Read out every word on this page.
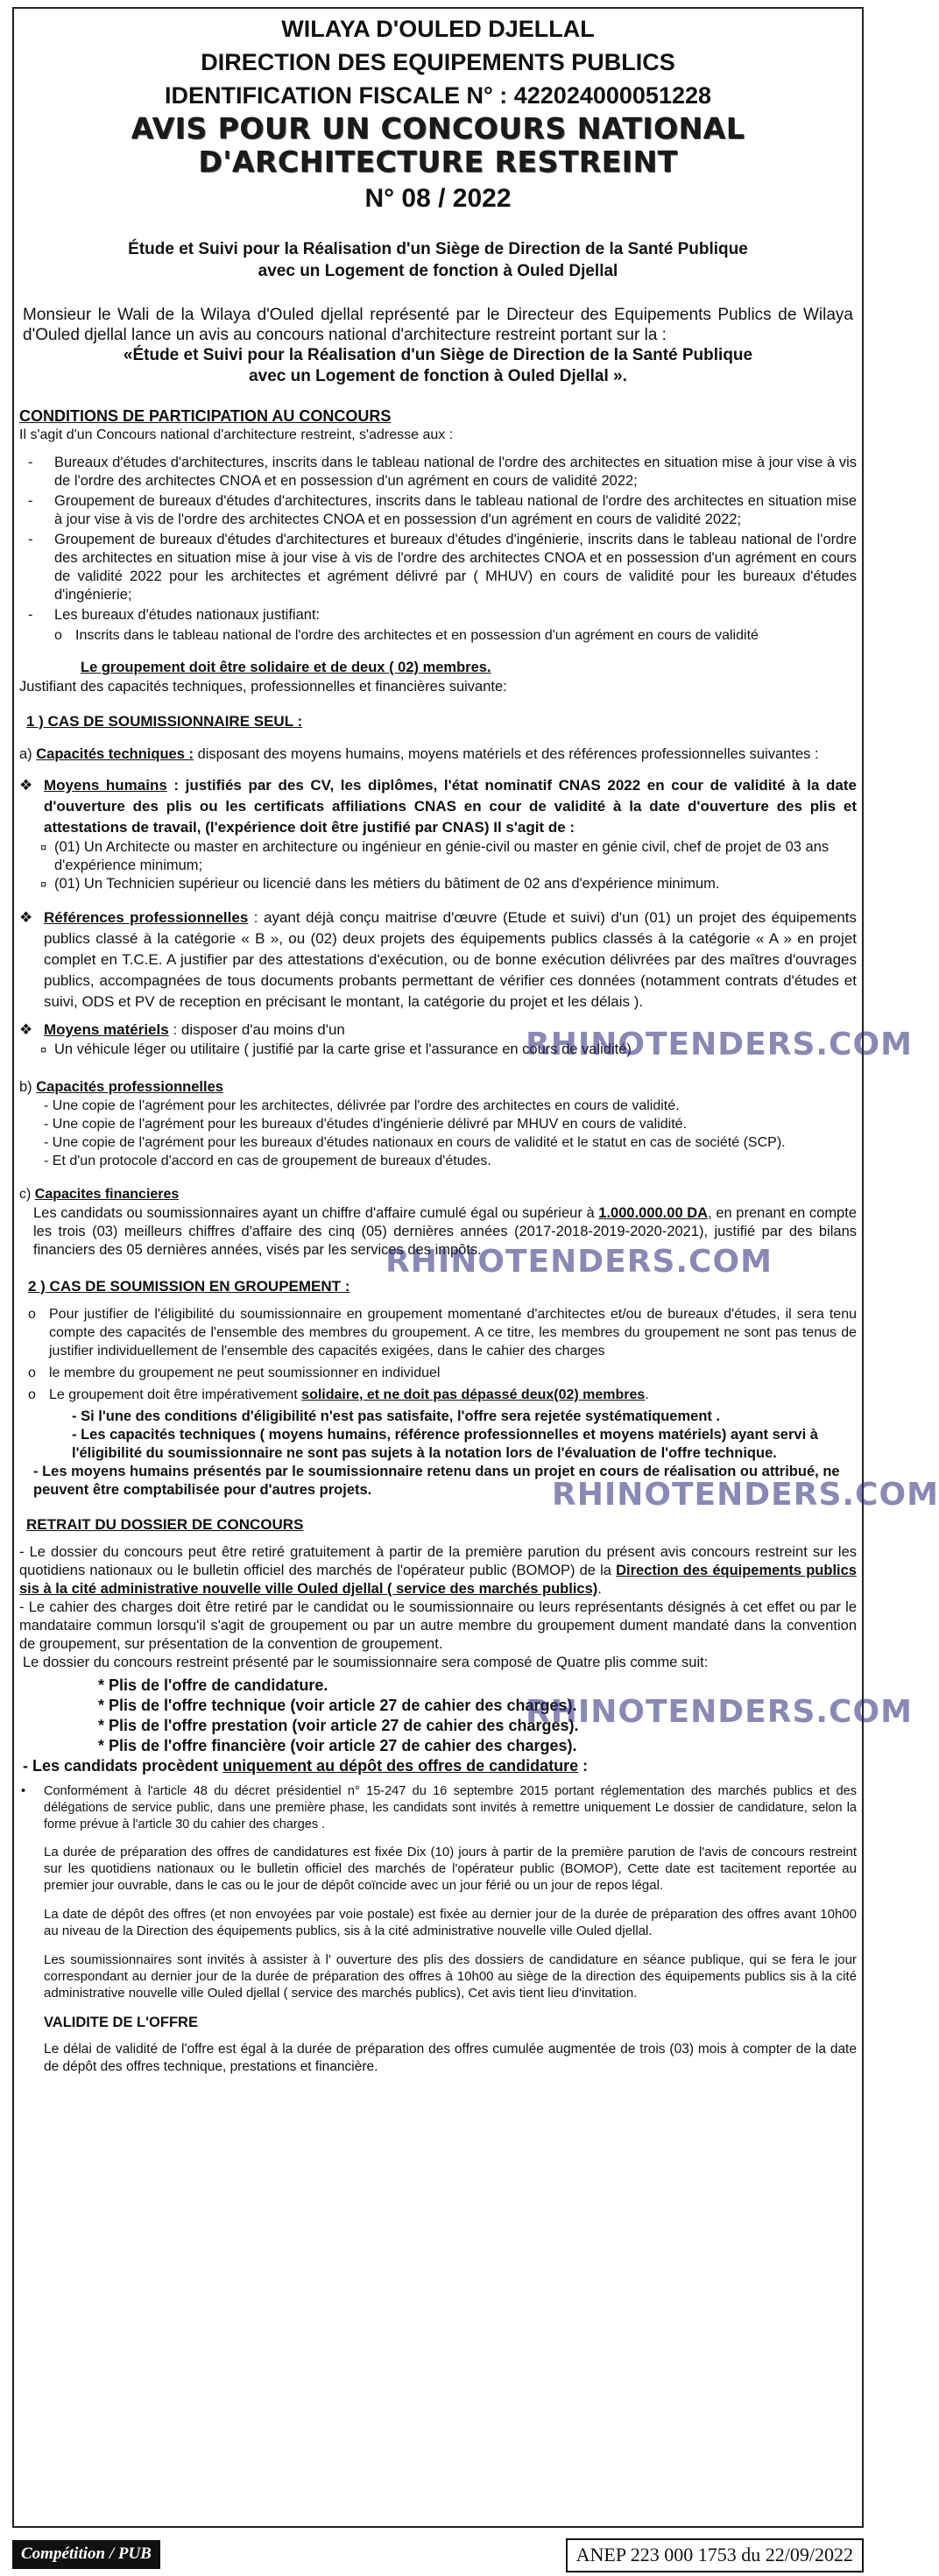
WILAYA D'OULED DJELLAL
DIRECTION DES EQUIPEMENTS PUBLICS
IDENTIFICATION FISCALE N° : 422024000051228
AVIS POUR UN CONCOURS NATIONAL D'ARCHITECTURE RESTREINT
N° 08 / 2022
Étude et Suivi pour la Réalisation d'un Siège de Direction de la Santé Publique
avec un Logement de fonction à Ouled Djellal

Monsieur le Wali de la Wilaya d'Ouled djellal représenté par le Directeur des Equipements Publics de Wilaya d'Ouled djellal lance un avis au concours national d'architecture restreint portant sur la :

«Étude et Suivi pour la Réalisation d'un Siège de Direction de la Santé Publique
avec un Logement de fonction à Ouled Djellal ».
CONDITIONS DE PARTICIPATION AU CONCOURS

Il s'agit d'un Concours national d'architecture restreint, s'adresse aux :

- Bureaux d'études d'architectures, inscrits dans le tableau national de l'ordre des architectes en situation mise à jour vise à vis de l'ordre des architectes CNOA et en possession d'un agrément en cours de validité 2022;
- Groupement de bureaux d'études d'architectures, inscrits dans le tableau national de l'ordre des architectes en situation mise à jour vise à vis de l'ordre des architectes CNOA et en possession d'un agrément en cours de validité 2022;
- Groupement de bureaux d'études d'architectures et bureaux d'études d'ingénierie, inscrits dans le tableau national de l'ordre des architectes en situation mise à jour vise à vis de l'ordre des architectes CNOA et en possession d'un agrément en cours de validité 2022 pour les architectes et agrément délivré par ( MHUV) en cours de validité pour les bureaux d'études d'ingénierie;
- Les bureaux d'études nationaux justifiant:
o Inscrits dans le tableau national de l'ordre des architectes et en possession d'un agrément en cours de validité

Le groupement doit être solidaire et de deux ( 02) membres.

Justifiant des capacités techniques, professionnelles et financières suivante:

1 ) CAS DE SOUMISSIONNAIRE SEUL :

a) Capacités techniques : disposant des moyens humains, moyens matériels et des références professionnelles suivantes :

❖ Moyens humains : justifiés par des CV, les diplômes, l'état nominatif CNAS 2022 en cour de validité à la date d'ouverture des plis ou les certificats affiliations CNAS en cour de validité à la date d'ouverture des plis et attestations de travail, (l'expérience doit être justifié par CNAS) Il s'agit de :
¤ (01) Un Architecte ou master en architecture ou ingénieur en génie-civil ou master en génie civil, chef de projet de 03 ans d'expérience minimum;
¤ (01) Un Technicien supérieur ou licencié dans les métiers du bâtiment de 02 ans d'expérience minimum.
❖ Références professionnelles : ayant déjà conçu maitrise d'œuvre (Etude et suivi) d'un (01) un projet des équipements publics classé à la catégorie « B », ou (02) deux projets des équipements publics classés à la catégorie « A » en projet complet en T.C.E. A justifier par des attestations d'exécution, ou de bonne exécution délivrées par des maîtres d'ouvrages publics, accompagnées de tous documents probants permettant de vérifier ces données (notamment contrats d'études et suivi, ODS et PV de reception en précisant le montant, la catégorie du projet et les délais ).
❖ Moyens matériels : disposer d'au moins d'un
¤ Un véhicule léger ou utilitaire ( justifié par la carte grise et l'assurance en cours de validité)

b) Capacités professionnelles

- Une copie de l'agrément pour les architectes, délivrée par l'ordre des architectes en cours de validité.
- Une copie de l'agrément pour les bureaux d'études d'ingénierie délivré par MHUV en cours de validité.
- Une copie de l'agrément pour les bureaux d'études nationaux en cours de validité et le statut en cas de société (SCP).
- Et d'un protocole d'accord en cas de groupement de bureaux d'études.

c) Capacites financieres

Les candidats ou soumissionnaires ayant un chiffre d'affaire cumulé égal ou supérieur à 1.000.000.00 DA, en prenant en compte les trois (03) meilleurs chiffres d'affaire des cinq (05) dernières années (2017-2018-2019-2020-2021), justifié par des bilans financiers des 05 dernières années, visés par les services des impôts.

2 ) CAS DE SOUMISSION EN GROUPEMENT :
o Pour justifier de l'éligibilité du soumissionnaire en groupement momentané d'architectes et/ou de bureaux d'études, il sera tenu compte des capacités de l'ensemble des membres du groupement. A ce titre, les membres du groupement ne sont pas tenus de justifier individuellement de l'ensemble des capacités exigées, dans le cahier des charges
o le membre du groupement ne peut soumissionner en individuel
o Le groupement doit être impérativement solidaire, et ne doit pas dépassé deux(02) membres.
- Si l'une des conditions d'éligibilité n'est pas satisfaite, l'offre sera rejetée systématiquement .
- Les capacités techniques ( moyens humains, référence professionnelles et moyens matériels) ayant servi à l'éligibilité du soumissionnaire ne sont pas sujets à la notation lors de l'évaluation de l'offre technique.

- Les moyens humains présentés par le soumissionnaire retenu dans un projet en cours de réalisation ou attribué, ne peuvent être comptabilisée pour d'autres projets.

RETRAIT DU DOSSIER DE CONCOURS

- Le dossier du concours peut être retiré gratuitement à partir de la première parution du présent avis concours restreint sur les quotidiens nationaux ou le bulletin officiel des marchés de l'opérateur public (BOMOP) de la Direction des équipements publics sis à la cité administrative nouvelle ville Ouled djellal ( service des marchés publics).

- Le cahier des charges doit être retiré par le candidat ou le soumissionnaire ou leurs représentants désignés à cet effet ou par le mandataire commun lorsqu'il s'agit de groupement ou par un autre membre du groupement dument mandaté dans la convention de groupement, sur présentation de la convention de groupement.

Le dossier du concours restreint présenté par le soumissionnaire sera composé de Quatre plis comme suit:

* Plis de l'offre de candidature.
* Plis de l'offre technique (voir article 27 de cahier des charges).
* Plis de l'offre prestation (voir article 27 de cahier des charges).
* Plis de l'offre financière (voir article 27 de cahier des charges).

- Les candidats procèdent uniquement au dépôt des offres de candidature :

• Conformément à l'article 48 du décret présidentiel n° 15-247 du 16 septembre 2015 portant réglementation des marchés publics et des délégations de service public, dans une première phase, les candidats sont invités à remettre uniquement Le dossier de candidature, selon la forme prévue à l'article 30 du cahier des charges .

La durée de préparation des offres de candidatures est fixée Dix (10) jours à partir de la première parution de l'avis de concours restreint sur les quotidiens nationaux ou le bulletin officiel des marchés de l'opérateur public (BOMOP), Cette date est tacitement reportée au premier jour ouvrable, dans le cas ou le jour de dépôt coïncide avec un jour férié ou un jour de repos légal.

La date de dépôt des offres (et non envoyées par voie postale) est fixée au dernier jour de la durée de préparation des offres avant 10h00 au niveau de la Direction des équipements publics, sis à la cité administrative nouvelle ville Ouled djellal.

Les soumissionnaires sont invités à assister à l' ouverture des plis des dossiers de candidature en séance publique, qui se fera le jour correspondant au dernier jour de la durée de préparation des offres à 10h00 au siège de la direction des équipements publics sis à la cité administrative nouvelle ville Ouled djellal ( service des marchés publics), Cet avis tient lieu d'invitation.

VALIDITE DE L'OFFRE

Le délai de validité de l'offre est égal à la durée de préparation des offres cumulée augmentée de trois (03) mois à compter de la date de dépôt des offres technique, prestations et financière.

RHINOTENDERS.COM
RHINOTENDERS.COM
RHINOTENDERS.COM
RHINOTENDERS.COM
Compétition / PUB	ANEP 223 000 1753 du 22/09/2022
